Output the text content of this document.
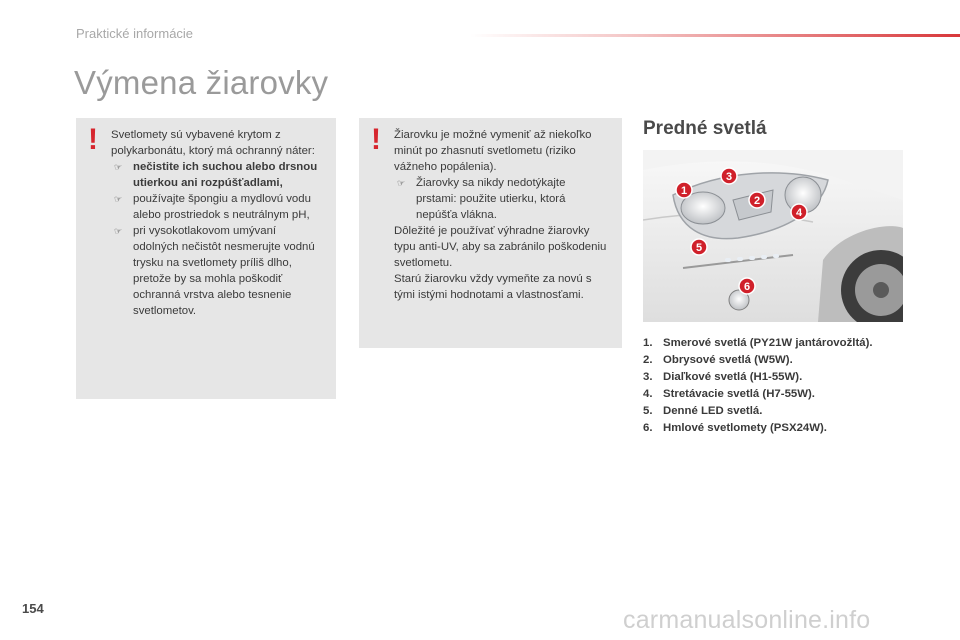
Praktické informácie
Výmena žiarovky
! Svetlomety sú vybavené krytom z polykarbonátu, ktorý má ochranný náter:

☞ nečistite ich suchou alebo drsnou utierkou ani rozpúšťadlami,
☞ používajte špongiu a mydlovú vodu alebo prostriedok s neutrálnym pH,
☞ pri vysokotlakovom umývaní odolných nečistôt nesmerujte vodnú trysku na svetlomety príliš dlho, pretože by sa mohla poškodiť ochranná vrstva alebo tesnenie svetlometov.
! Žiarovku je možné vymeniť až niekoľko minút po zhasnutí svetlometu (riziko vážneho popálenia).

☞ Žiarovky sa nikdy nedotýkajte prstami: použite utierku, ktorá nepúšťa vlákna.

Dôležité je používať výhradne žiarovky typu anti-UV, aby sa zabránilo poškodeniu svetlometu.

Starú žiarovku vždy vymeňte za novú s tými istými hodnotami a vlastnosťami.

Predné svetlá
1
2
3
4
5
6
1. Smerové svetlá (PY21W jantárovožltá).
2. Obrysové svetlá (W5W).
3. Diaľkové svetlá (H1-55W).
4. Stretávacie svetlá (H7-55W).
5. Denné LED svetlá.
6. Hmlové svetlomety (PSX24W).
154	carmanualsonline.info
